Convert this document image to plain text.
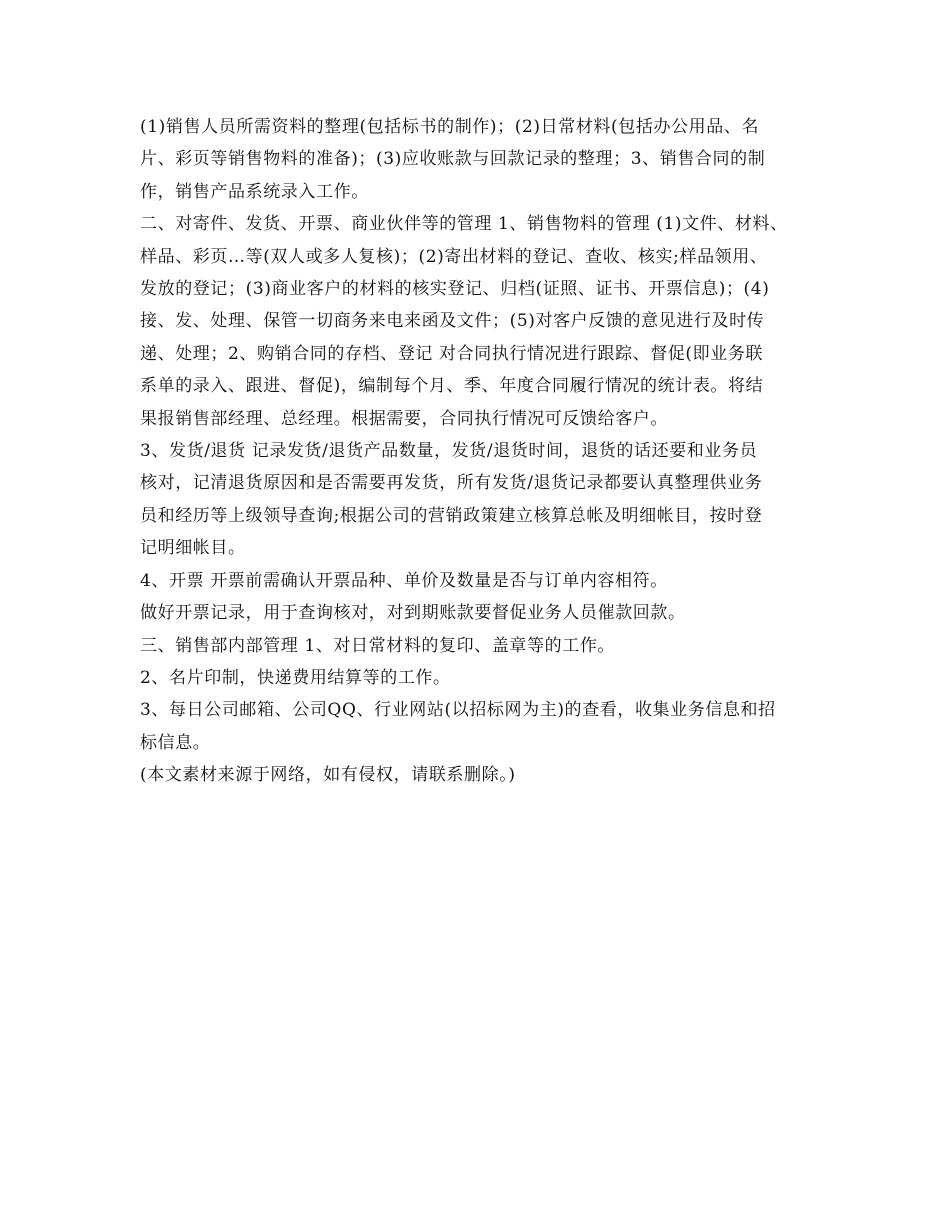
(1)销售人员所需资料的整理(包括标书的制作)；(2)日常材料(包括办公用品、名
片、彩页等销售物料的准备)；(3)应收账款与回款记录的整理；3、销售合同的制
作，销售产品系统录入工作。

二、对寄件、发货、开票、商业伙伴等的管理 1、销售物料的管理 (1)文件、材料、
样品、彩页…等(双人或多人复核)；(2)寄出材料的登记、查收、核实;样品领用、
发放的登记；(3)商业客户的材料的核实登记、归档(证照、证书、开票信息)；(4)
接、发、处理、保管一切商务来电来函及文件；(5)对客户反馈的意见进行及时传
递、处理；2、购销合同的存档、登记 对合同执行情况进行跟踪、督促(即业务联
系单的录入、跟进、督促)，编制每个月、季、年度合同履行情况的统计表。将结
果报销售部经理、总经理。根据需要，合同执行情况可反馈给客户。

3、发货/退货 记录发货/退货产品数量，发货/退货时间，退货的话还要和业务员
核对，记清退货原因和是否需要再发货，所有发货/退货记录都要认真整理供业务
员和经历等上级领导查询;根据公司的营销政策建立核算总帐及明细帐目，按时登
记明细帐目。

4、开票 开票前需确认开票品种、单价及数量是否与订单内容相符。

做好开票记录，用于查询核对，对到期账款要督促业务人员催款回款。

三、销售部内部管理 1、对日常材料的复印、盖章等的工作。

2、名片印制，快递费用结算等的工作。

3、每日公司邮箱、公司QQ、行业网站(以招标网为主)的查看，收集业务信息和招
标信息。

(本文素材来源于网络，如有侵权，请联系删除。)
